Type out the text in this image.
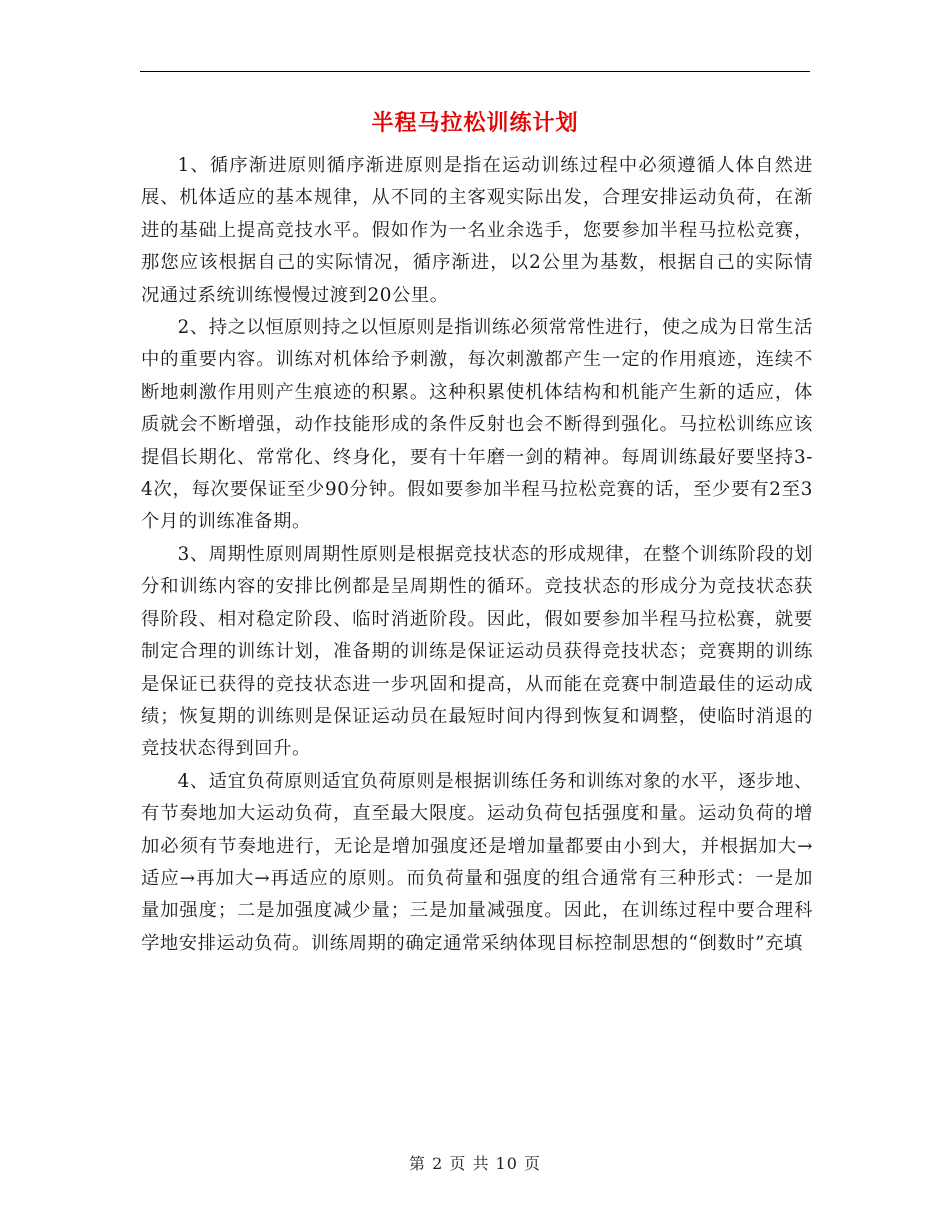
半程马拉松训练计划

1、循序渐进原则循序渐进原则是指在运动训练过程中必须遵循人体自然进展、机体适应的基本规律，从不同的主客观实际出发，合理安排运动负荷，在渐进的基础上提高竞技水平。假如作为一名业余选手，您要参加半程马拉松竞赛，那您应该根据自己的实际情况，循序渐进，以2公里为基数，根据自己的实际情况通过系统训练慢慢过渡到20公里。

2、持之以恒原则持之以恒原则是指训练必须常常性进行，使之成为日常生活中的重要内容。训练对机体给予刺激，每次刺激都产生一定的作用痕迹，连续不断地刺激作用则产生痕迹的积累。这种积累使机体结构和机能产生新的适应，体质就会不断增强，动作技能形成的条件反射也会不断得到强化。马拉松训练应该提倡长期化、常常化、终身化，要有十年磨一剑的精神。每周训练最好要坚持3-4次，每次要保证至少90分钟。假如要参加半程马拉松竞赛的话，至少要有2至3个月的训练准备期。

3、周期性原则周期性原则是根据竞技状态的形成规律，在整个训练阶段的划分和训练内容的安排比例都是呈周期性的循环。竞技状态的形成分为竞技状态获得阶段、相对稳定阶段、临时消逝阶段。因此，假如要参加半程马拉松赛，就要制定合理的训练计划，准备期的训练是保证运动员获得竞技状态；竞赛期的训练是保证已获得的竞技状态进一步巩固和提高，从而能在竞赛中制造最佳的运动成绩；恢复期的训练则是保证运动员在最短时间内得到恢复和调整，使临时消退的竞技状态得到回升。

4、适宜负荷原则适宜负荷原则是根据训练任务和训练对象的水平，逐步地、有节奏地加大运动负荷，直至最大限度。运动负荷包括强度和量。运动负荷的增加必须有节奏地进行，无论是增加强度还是增加量都要由小到大，并根据加大→适应→再加大→再适应的原则。而负荷量和强度的组合通常有三种形式：一是加量加强度；二是加强度减少量；三是加量减强度。因此，在训练过程中要合理科学地安排运动负荷。训练周期的确定通常采纳体现目标控制思想的“倒数时”充填

第 2 页 共 10 页
